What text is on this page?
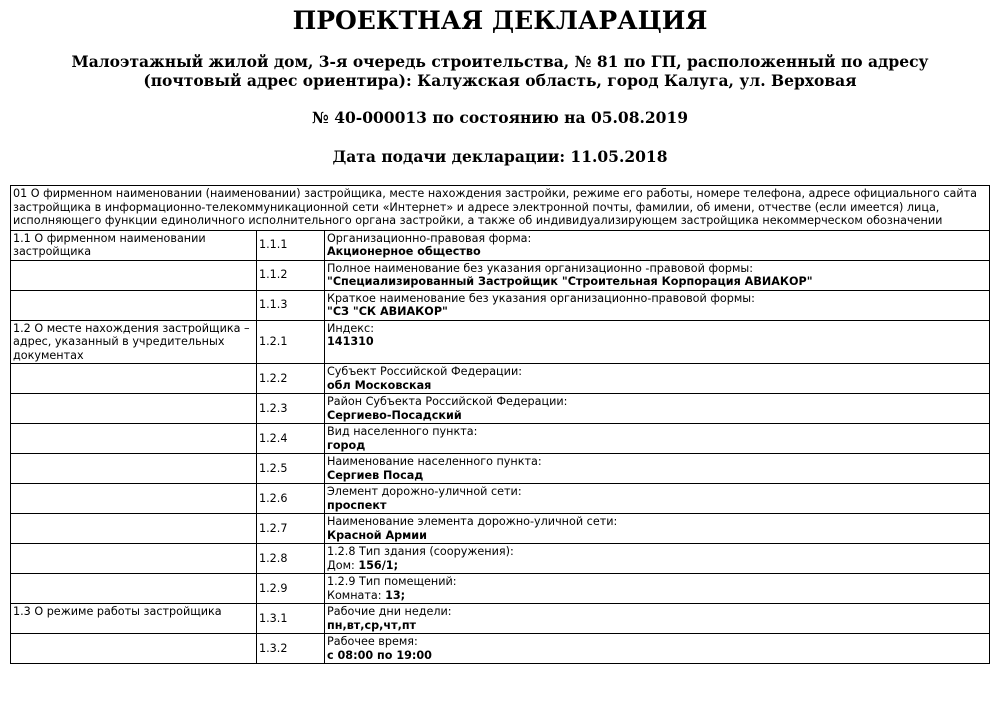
ПРОЕКТНАЯ ДЕКЛАРАЦИЯ
Малоэтажный жилой дом, 3-я очередь строительства, № 81 по ГП, расположенный по адресу (почтовый адрес ориентира): Калужская область, город Калуга, ул. Верховая
№ 40-000013 по состоянию на 05.08.2019
Дата подачи декларации: 11.05.2018
01 О фирменном наименовании (наименовании) застройщика, месте нахождения застройки, режиме его работы, номере телефона, адресе официального сайта застройщика в информационно-телекоммуникационной сети «Интернет» и адресе электронной почты, фамилии, об имени, отчестве (если имеется) лица, исполняющего функции единоличного исполнительного органа застройки, а также об индивидуализирующем застройщика некоммерческом обозначении		
1.1 О фирменном наименовании застройщика	1.1.1	Организационно-правовая форма:
Акционерное общество

	1.1.2	Полное наименование без указания организационно -правовой формы:
"Специализированный Застройщик "Строительная Корпорация АВИАКОР"

	1.1.3	Краткое наименование без указания организационно-правовой формы:
"СЗ "СК АВИАКОР"

1.2 О месте нахождения застройщика – адрес, указанный в учредительных документах	1.2.1	Индекс:
141310

	1.2.2	Субъект Российской Федерации:
обл Московская

	1.2.3	Район Субъекта Российской Федерации:
Сергиево-Посадский

	1.2.4	Вид населенного пункта:
город

	1.2.5	Наименование населенного пункта:
Сергиев Посад

	1.2.6	Элемент дорожно-уличной сети:
проспект

	1.2.7	Наименование элемента дорожно-уличной сети:
Красной Армии

	1.2.8	1.2.8 Тип здания (сооружения):
Дом: 156/1;

	1.2.9	1.2.9 Тип помещений:
Комната: 13;

1.3 О режиме работы застройщика	1.3.1	Рабочие дни недели:
пн,вт,ср,чт,пт

	1.3.2	Рабочее время:
с 08:00 по 19:00
